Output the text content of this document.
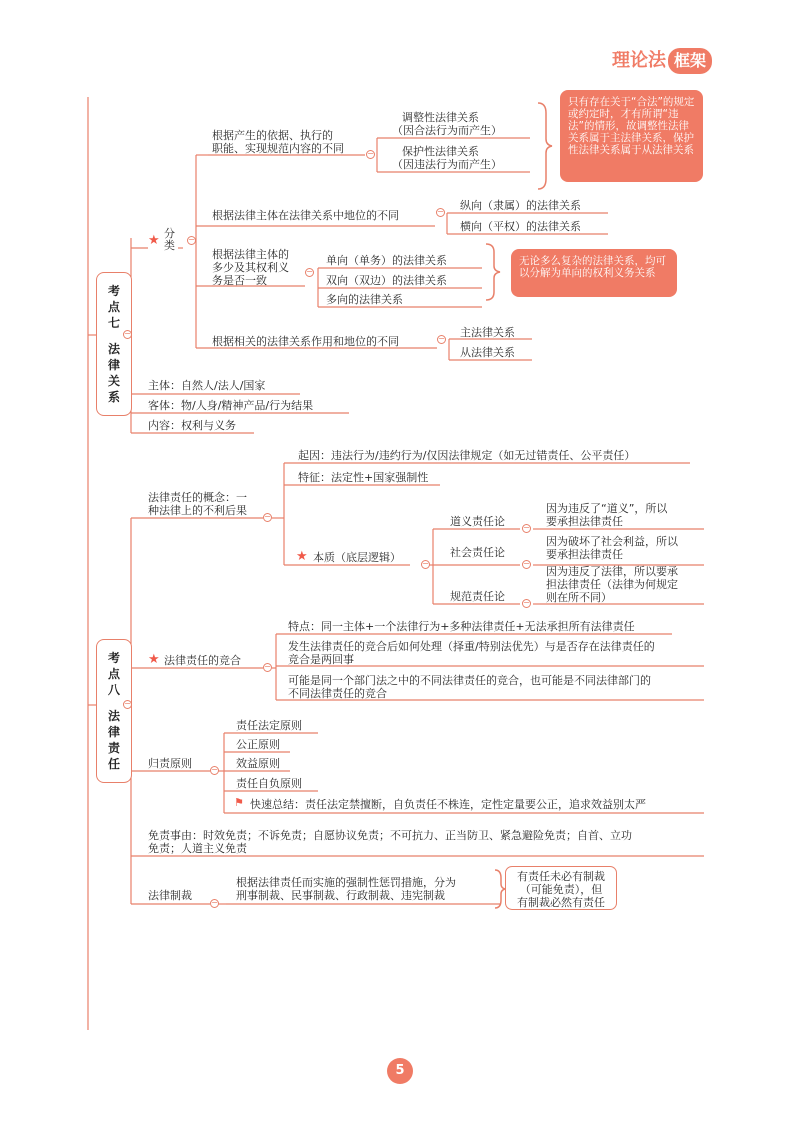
理论法 框架
考
点
七
法
律
关
系
−
★ 分类	−
根据产生的依据、执行的
职能、实现规范内容的不同	−
调整性法律关系
（因合法行为而产生）
保护性法律关系
（因违法行为而产生）
只有存在关于“合法”的规定或约定时，才有所谓“违法”的情形，故调整性法律关系属于主法律关系，保护性法律关系属于从法律关系
根据法律主体在法律关系中地位的不同	− 纵向（隶属）的法律关系
横向（平权）的法律关系
根据法律主体的
多少及其权利义
务是否一致
−
单向（单务）的法律关系
双向（双边）的法律关系
多向的法律关系
无论多么复杂的法律关系，均可以分解为单向的权利义务关系
根据相关的法律关系作用和地位的不同	− 主法律关系
从法律关系
主体：自然人/法人/国家
客体：物/人身/精神产品/行为结果
内容：权利与义务
考
点
八
法
律
责
任
−
法律责任的概念：一
种法律上的不利后果 −
起因：违法行为/违约行为/仅因法律规定（如无过错责任、公平责任）
特征：法定性+国家强制性
★ 本质（底层逻辑）	−
道义责任论 −
因为违反了“道义”，所以
要承担法律责任
社会责任论
−
因为破坏了社会利益，所以
要承担法律责任
规范责任论 −
因为违反了法律，所以要承
担法律责任（法律为何规定
则在所不同）
★ 法律责任的竞合	−
特点：同一主体+一个法律行为+多种法律责任+无法承担所有法律责任
发生法律责任的竞合后如何处理（择重/特别法优先）与是否存在法律责任的
竞合是两回事
可能是同一个部门法之中的不同法律责任的竞合，也可能是不同法律部门的
不同法律责任的竞合
归责原则 −
责任法定原则
公正原则
效益原则
责任自负原则
⚑ 快速总结：责任法定禁擅断，自负责任不株连，定性定量要公正，追求效益别太严
免责事由：时效免责；不诉免责；自愿协议免责；不可抗力、正当防卫、紧急避险免责；自首、立功
免责；人道主义免责
法律制裁
−
根据法律责任而实施的强制性惩罚措施，分为
刑事制裁、民事制裁、行政制裁、违宪制裁
有责任未必有制裁
（可能免责），但
有制裁必然有责任
5
